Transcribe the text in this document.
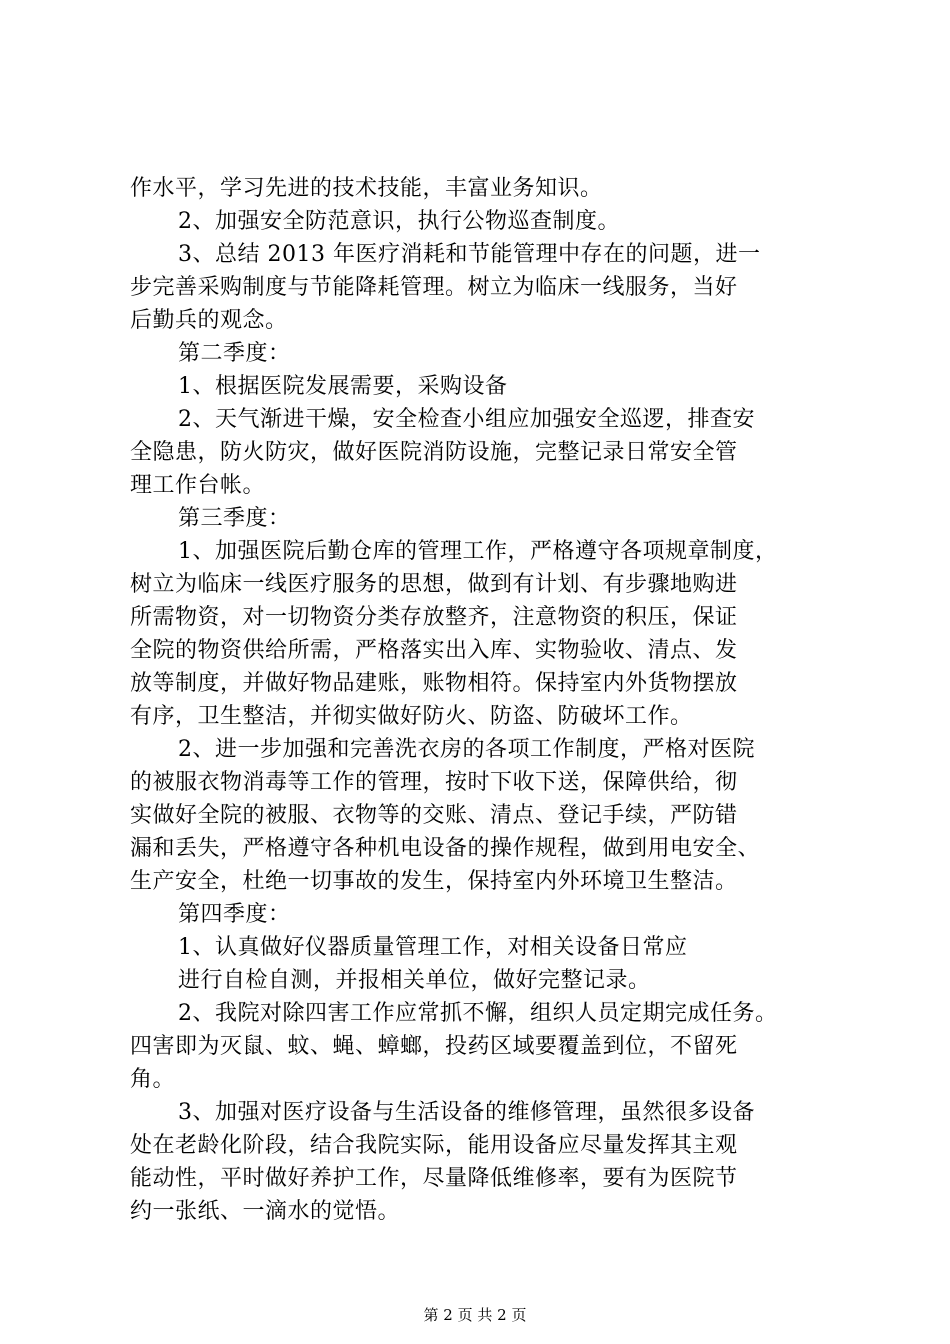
作水平，学习先进的技术技能，丰富业务知识。
2、加强安全防范意识，执行公物巡查制度。
3、总结 2013 年医疗消耗和节能管理中存在的问题，进一
步完善采购制度与节能降耗管理。树立为临床一线服务，当好
后勤兵的观念。
第二季度：
1、根据医院发展需要，采购设备
2、天气渐进干燥，安全检查小组应加强安全巡逻，排查安
全隐患，防火防灾，做好医院消防设施，完整记录日常安全管
理工作台帐。
第三季度：
1、加强医院后勤仓库的管理工作，严格遵守各项规章制度，
树立为临床一线医疗服务的思想，做到有计划、有步骤地购进
所需物资，对一切物资分类存放整齐，注意物资的积压，保证
全院的物资供给所需，严格落实出入库、实物验收、清点、发
放等制度，并做好物品建账，账物相符。保持室内外货物摆放
有序，卫生整洁，并彻实做好防火、防盗、防破坏工作。
2、进一步加强和完善洗衣房的各项工作制度，严格对医院
的被服衣物消毒等工作的管理，按时下收下送，保障供给，彻
实做好全院的被服、衣物等的交账、清点、登记手续，严防错
漏和丢失，严格遵守各种机电设备的操作规程，做到用电安全、
生产安全，杜绝一切事故的发生，保持室内外环境卫生整洁。
第四季度：
1、认真做好仪器质量管理工作，对相关设备日常应
进行自检自测，并报相关单位，做好完整记录。
2、我院对除四害工作应常抓不懈，组织人员定期完成任务。
四害即为灭鼠、蚊、蝇、蟑螂，投药区域要覆盖到位，不留死
角。
3、加强对医疗设备与生活设备的维修管理，虽然很多设备
处在老龄化阶段，结合我院实际，能用设备应尽量发挥其主观
能动性，平时做好养护工作，尽量降低维修率，要有为医院节
约一张纸、一滴水的觉悟。
第 2 页 共 2 页
